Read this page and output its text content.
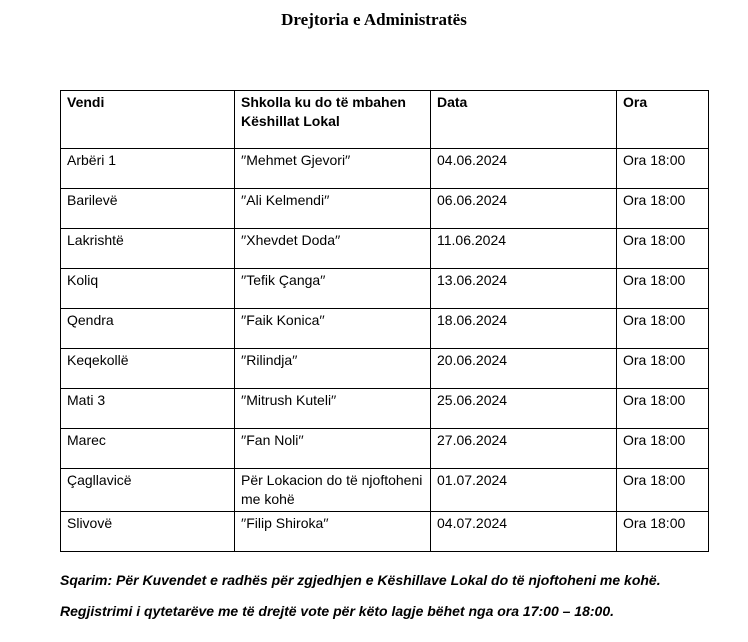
Drejtoria e Administratës
Vendi	Shkolla ku do të mbahen Këshillat Lokal	Data	Ora
Arbëri 1	′′Mehmet Gjevori′′	04.06.2024	Ora 18:00
Barilevë	′′Ali Kelmendi′′	06.06.2024	Ora 18:00
Lakrishtë	′′Xhevdet Doda′′	11.06.2024	Ora 18:00
Koliq	′′Tefik Çanga′′	13.06.2024	Ora 18:00
Qendra	′′Faik Konica′′	18.06.2024	Ora 18:00
Keqekollë	′′Rilindja′′	20.06.2024	Ora 18:00
Mati 3	′′Mitrush Kuteli′′	25.06.2024	Ora 18:00
Marec	′′Fan Noli′′	27.06.2024	Ora 18:00
Çagllavicë	Për Lokacion do të njoftoheni me kohë	01.07.2024	Ora 18:00
Slivovë	′′Filip Shiroka′′	04.07.2024	Ora 18:00
Sqarim: Për Kuvendet e radhës për zgjedhjen e Këshillave Lokal do të njoftoheni me kohë.
Regjistrimi i qytetarëve me të drejtë vote për këto lagje bëhet nga ora 17:00 – 18:00.
